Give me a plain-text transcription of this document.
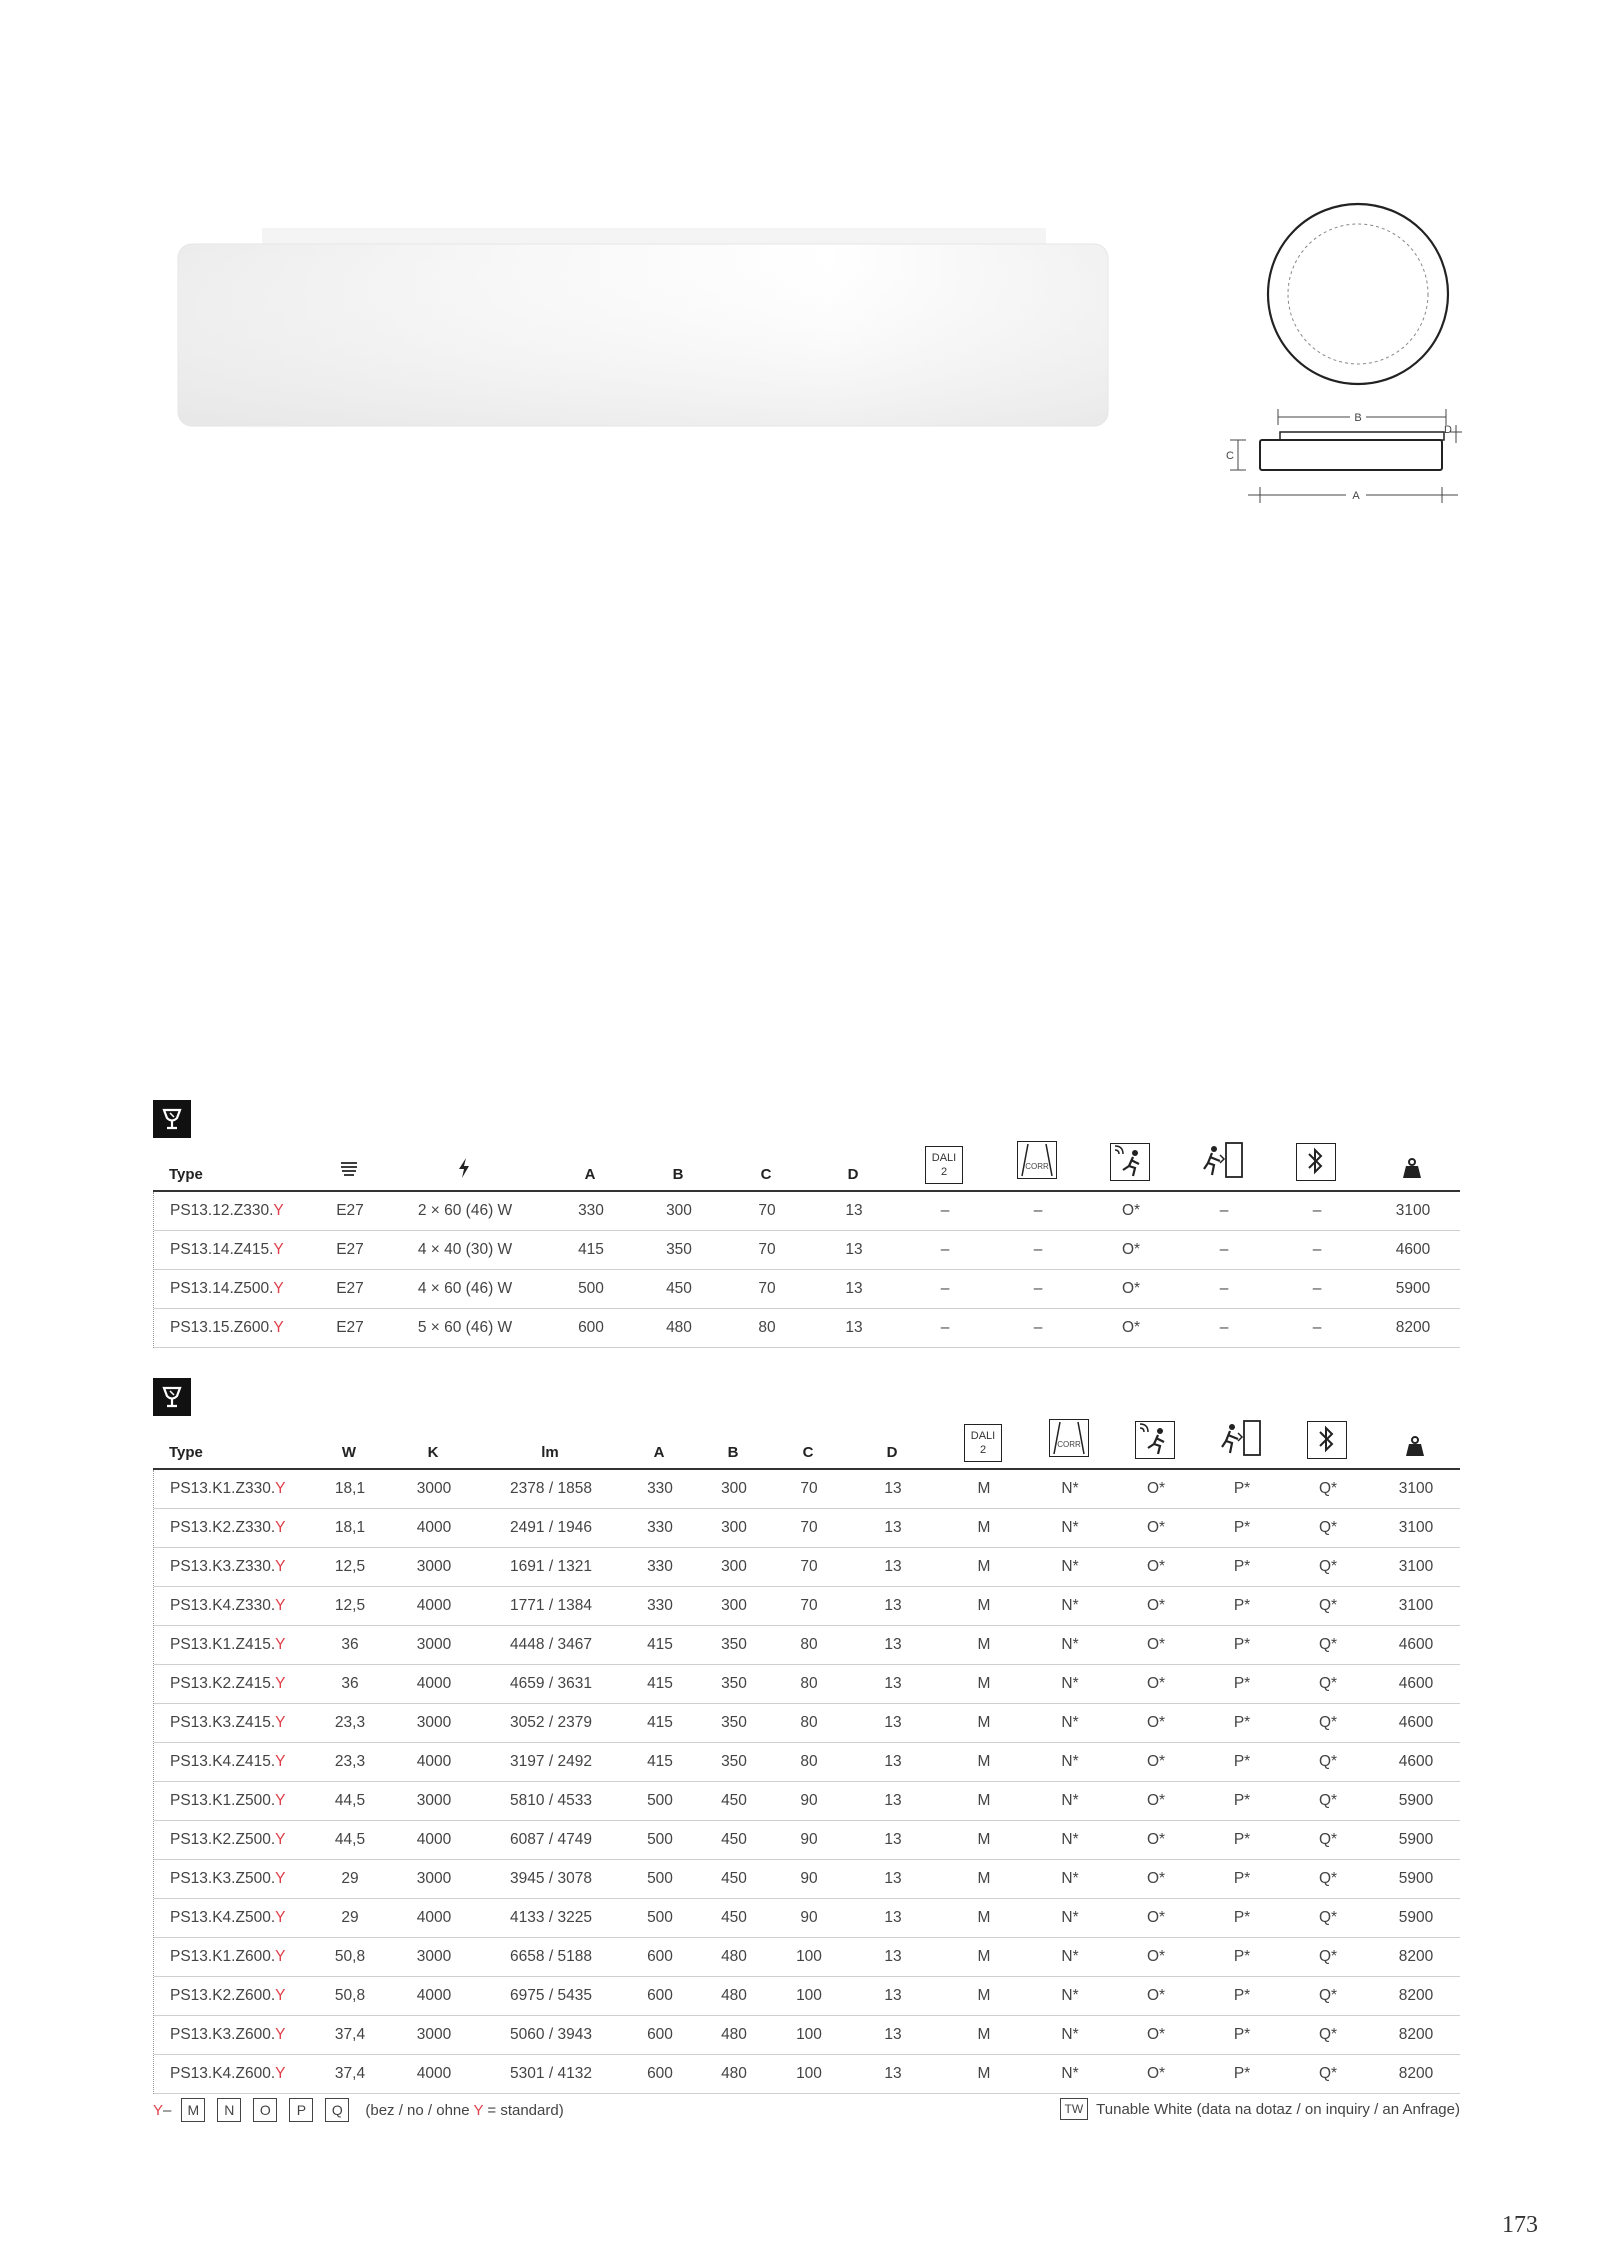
B
D
C
A
Type	A	B	C	D
DALI
2	CORR
PS13.12.Z330.Y	E27	2 × 60 (46) W	330	300	70	13	–	–	O*	–	–	3100
PS13.14.Z415.Y	E27	4 × 40 (30) W	415	350	70	13	–	–	O*	–	–	4600
PS13.14.Z500.Y	E27	4 × 60 (46) W	500	450	70	13	–	–	O*	–	–	5900
PS13.15.Z600.Y	E27	5 × 60 (46) W	600	480	80	13	–	–	O*	–	–	8200
Type	W	K	lm	A	B	C	D
DALI
2	CORR
PS13.K1.Z330.Y	18,1	3000	2378 / 1858	330	300	70	13	M	N*	O*	P*	Q*	3100
PS13.K2.Z330.Y	18,1	4000	2491 / 1946	330	300	70	13	M	N*	O*	P*	Q*	3100
PS13.K3.Z330.Y	12,5	3000	1691 / 1321	330	300	70	13	M	N*	O*	P*	Q*	3100
PS13.K4.Z330.Y	12,5	4000	1771 / 1384	330	300	70	13	M	N*	O*	P*	Q*	3100
PS13.K1.Z415.Y	36	3000	4448 / 3467	415	350	80	13	M	N*	O*	P*	Q*	4600
PS13.K2.Z415.Y	36	4000	4659 / 3631	415	350	80	13	M	N*	O*	P*	Q*	4600
PS13.K3.Z415.Y	23,3	3000	3052 / 2379	415	350	80	13	M	N*	O*	P*	Q*	4600
PS13.K4.Z415.Y	23,3	4000	3197 / 2492	415	350	80	13	M	N*	O*	P*	Q*	4600
PS13.K1.Z500.Y	44,5	3000	5810 / 4533	500	450	90	13	M	N*	O*	P*	Q*	5900
PS13.K2.Z500.Y	44,5	4000	6087 / 4749	500	450	90	13	M	N*	O*	P*	Q*	5900
PS13.K3.Z500.Y	29	3000	3945 / 3078	500	450	90	13	M	N*	O*	P*	Q*	5900
PS13.K4.Z500.Y	29	4000	4133 / 3225	500	450	90	13	M	N*	O*	P*	Q*	5900
PS13.K1.Z600.Y	50,8	3000	6658 / 5188	600	480	100	13	M	N*	O*	P*	Q*	8200
PS13.K2.Z600.Y	50,8	4000	6975 / 5435	600	480	100	13	M	N*	O*	P*	Q*	8200
PS13.K3.Z600.Y	37,4	3000	5060 / 3943	600	480	100	13	M	N*	O*	P*	Q*	8200
PS13.K4.Z600.Y	37,4	4000	5301 / 4132	600	480	100	13	M	N*	O*	P*	Q*	8200
Y –	M	N	O	P	Q	(bez / no / ohne Y = standard)	TW Tunable White (data na dotaz / on inquiry / an Anfrage)
173
